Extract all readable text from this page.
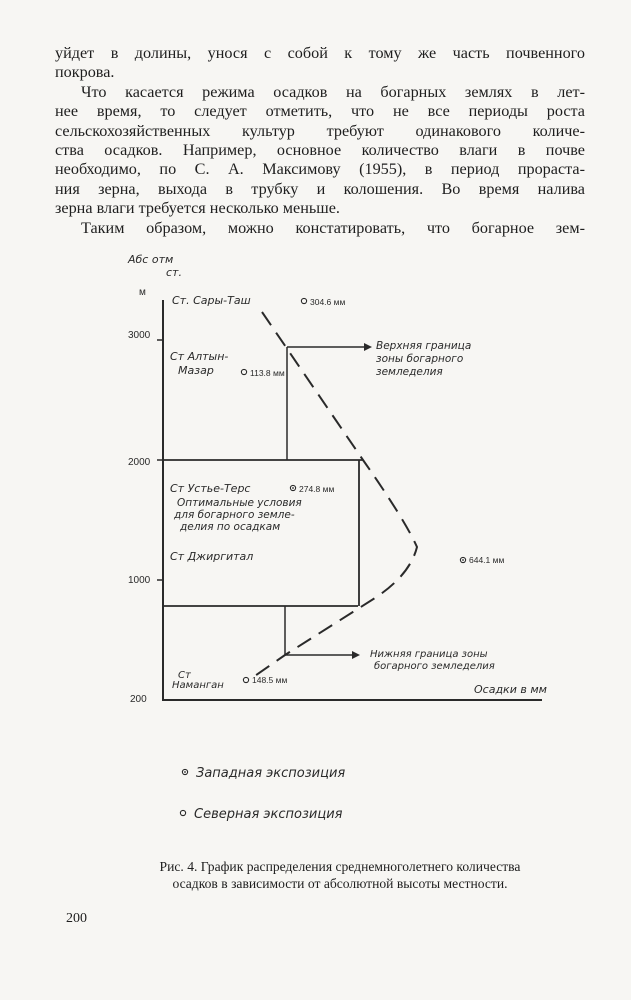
уйдет в долины, унося с собой к тому же часть почвенного
покрова.

Что касается режима осадков на богарных землях в лет-
нее время, то следует отметить, что не все периоды роста
сельскохозяйственных культур требуют одинакового количе-
ства осадков. Например, основное количество влаги в почве
необходимо, по С. А. Максимову (1955), в период прораста-
ния зерна, выхода в трубку и колошения. Во время налива
зерна влаги требуется несколько меньше.

Таким образом, можно констатировать, что богарное зем-

Абс отм
ст.
м
3000
2000
1000
200
Ст. Сары-Таш
Ст Алтын-
Мазар
Ст Устье-Терс
Ст Джиргитал
Ст
Наманган
304.6 мм
113.8 мм
274.8 мм
644.1 мм
148.5 мм
Верхняя граница
зоны богарного
земледелия
Оптимальные условия
для богарного земле-
делия по осадкам
Нижняя граница зоны
богарного земледелия
Осадки в мм
Западная экспозиция
Северная экспозиция
Рис. 4. График распределения среднемноголетнего количества
осадков в зависимости от абсолютной высоты местности.
200
